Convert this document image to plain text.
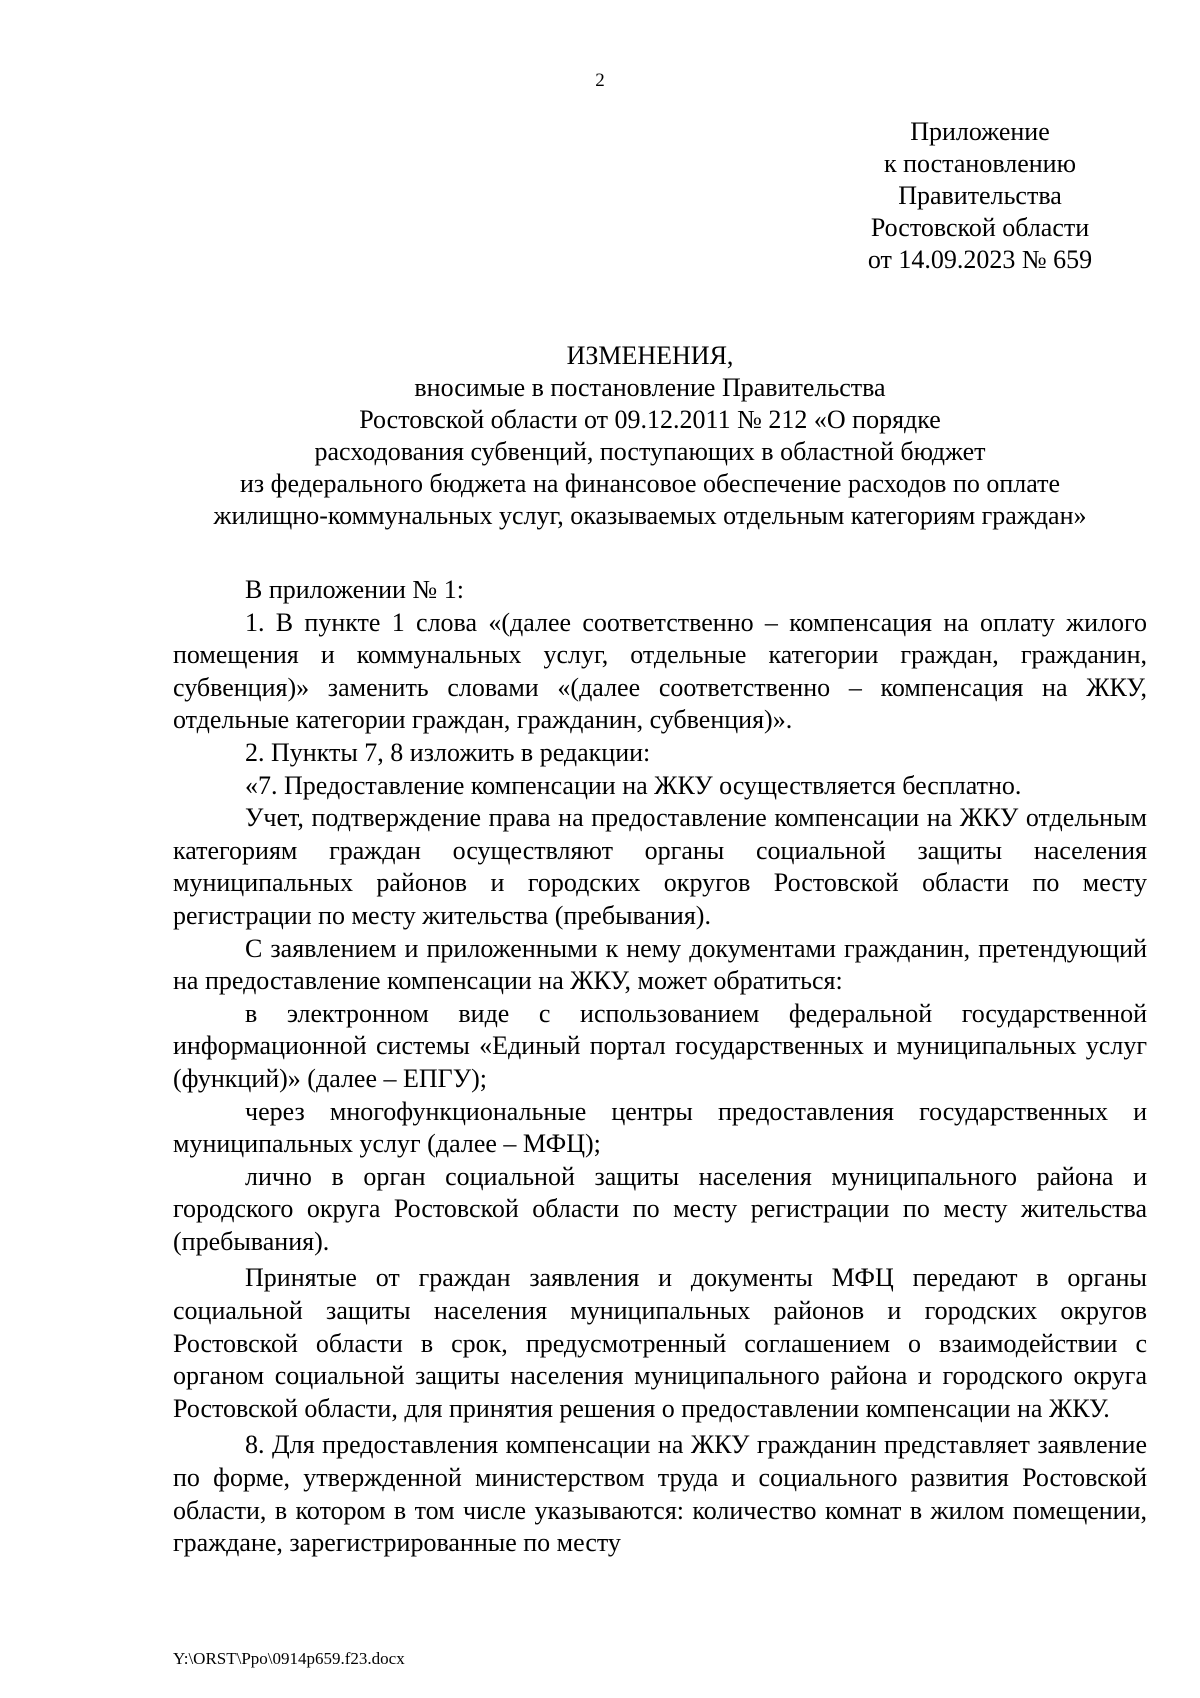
2
Приложение
к постановлению
Правительства
Ростовской области
от 14.09.2023 № 659
ИЗМЕНЕНИЯ,
вносимые в постановление Правительства
Ростовской области от 09.12.2011 № 212 «О порядке
расходования субвенций, поступающих в областной бюджет
из федерального бюджета на финансовое обеспечение расходов по оплате
жилищно-коммунальных услуг, оказываемых отдельным категориям граждан»

В приложении № 1:

1. В пункте 1 слова «(далее соответственно – компенсация на оплату жилого помещения и коммунальных услуг, отдельные категории граждан, гражданин, субвенция)» заменить словами «(далее соответственно – компенсация на ЖКУ, отдельные категории граждан, гражданин, субвенция)».

2. Пункты 7, 8 изложить в редакции:

«7. Предоставление компенсации на ЖКУ осуществляется бесплатно.

Учет, подтверждение права на предоставление компенсации на ЖКУ отдельным категориям граждан осуществляют органы социальной защиты населения муниципальных районов и городских округов Ростовской области по месту регистрации по месту жительства (пребывания).

С заявлением и приложенными к нему документами гражданин, претендующий на предоставление компенсации на ЖКУ, может обратиться:

в электронном виде с использованием федеральной государственной информационной системы «Единый портал государственных и муниципальных услуг (функций)» (далее – ЕПГУ);

через многофункциональные центры предоставления государственных и муниципальных услуг (далее – МФЦ);

лично в орган социальной защиты населения муниципального района и городского округа Ростовской области по месту регистрации по месту жительства (пребывания).

Принятые от граждан заявления и документы МФЦ передают в органы социальной защиты населения муниципальных районов и городских округов Ростовской области в срок, предусмотренный соглашением о взаимодействии с органом социальной защиты населения муниципального района и городского округа Ростовской области, для принятия решения о предоставлении компенсации на ЖКУ.

8. Для предоставления компенсации на ЖКУ гражданин представляет заявление по форме, утвержденной министерством труда и социального развития Ростовской области, в котором в том числе указываются: количество комнат в жилом помещении, граждане, зарегистрированные по месту

Y:\ORST\Ppo\0914p659.f23.docx
